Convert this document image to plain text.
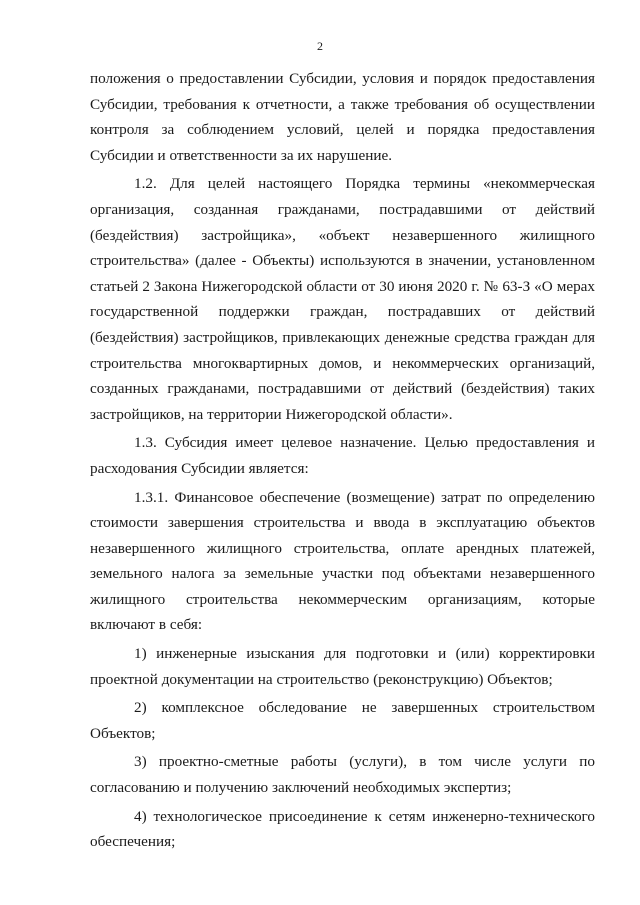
2

положения о предоставлении Субсидии, условия и порядок предоставления Субсидии, требования к отчетности, а также требования об осуществлении контроля за соблюдением условий, целей и порядка предоставления Субсидии и ответственности за их нарушение.

1.2. Для целей настоящего Порядка термины «некоммерческая организация, созданная гражданами, пострадавшими от действий (бездействия) застройщика», «объект незавершенного жилищного строительства» (далее - Объекты) используются в значении, установленном статьей 2 Закона Нижегородской области от 30 июня 2020 г. № 63-З «О мерах государственной поддержки граждан, пострадавших от действий (бездействия) застройщиков, привлекающих денежные средства граждан для строительства многоквартирных домов, и некоммерческих организаций, созданных гражданами, пострадавшими от действий (бездействия) таких застройщиков, на территории Нижегородской области».

1.3. Субсидия имеет целевое назначение. Целью предоставления и расходования Субсидии является:

1.3.1. Финансовое обеспечение (возмещение) затрат по определению стоимости завершения строительства и ввода в эксплуатацию объектов незавершенного жилищного строительства, оплате арендных платежей, земельного налога за земельные участки под объектами незавершенного жилищного строительства некоммерческим организациям, которые включают в себя:

1) инженерные изыскания для подготовки и (или) корректировки проектной документации на строительство (реконструкцию) Объектов;

2) комплексное обследование не завершенных строительством Объектов;

3) проектно-сметные работы (услуги), в том числе услуги по согласованию и получению заключений необходимых экспертиз;

4) технологическое присоединение к сетям инженерно-технического обеспечения;
